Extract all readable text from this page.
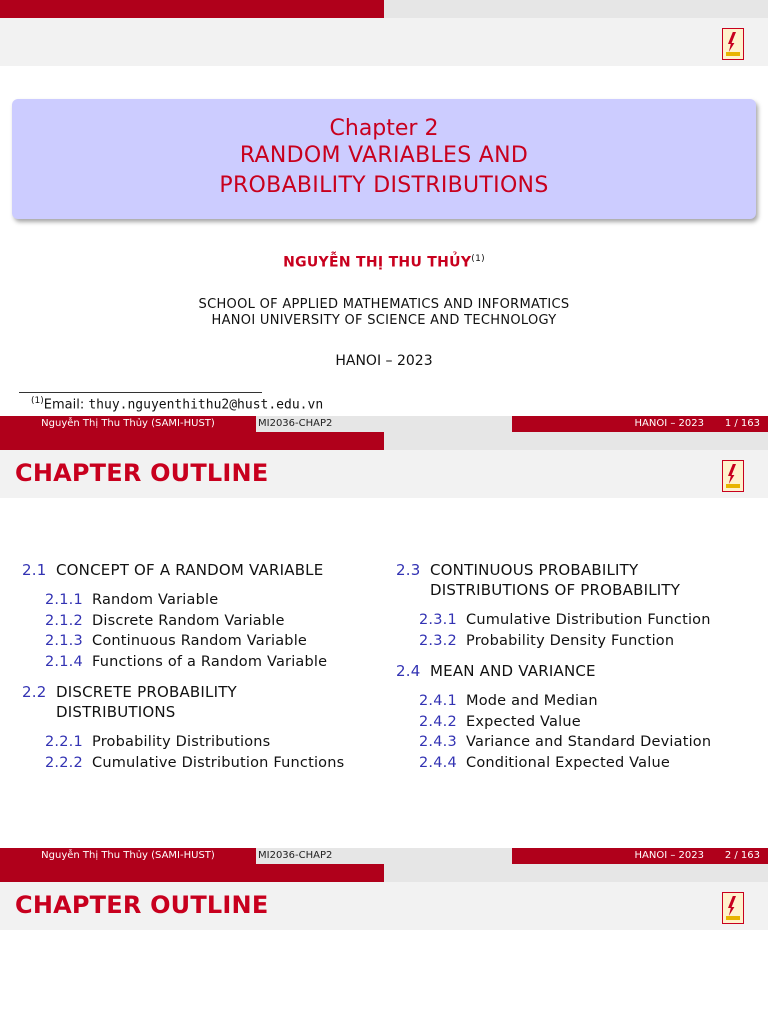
Chapter 2
RANDOM VARIABLES AND
PROBABILITY DISTRIBUTIONS
NGUYỄN THỊ THU THỦY$^{(1)}$
SCHOOL OF APPLIED MATHEMATICS AND INFORMATICS
HANOI UNIVERSITY OF SCIENCE AND TECHNOLOGY
HANOI – 2023
$^{(1)}$Email: thuy.nguyenthithu2@hust.edu.vn
Nguyễn Thị Thu Thủy (SAMI-HUST)	MI2036-CHAP2	HANOI – 2023 1 / 163
CHAPTER OUTLINE
2.1 CONCEPT OF A RANDOM VARIABLE
2.1.1 Random Variable
2.1.2 Discrete Random Variable
2.1.3 Continuous Random Variable
2.1.4 Functions of a Random Variable
2.2 DISCRETE PROBABILITY
DISTRIBUTIONS
2.2.1 Probability Distributions
2.2.2 Cumulative Distribution Functions
2.3 CONTINUOUS PROBABILITY
DISTRIBUTIONS OF PROBABILITY
2.3.1 Cumulative Distribution Function
2.3.2 Probability Density Function
2.4 MEAN AND VARIANCE
2.4.1 Mode and Median
2.4.2 Expected Value
2.4.3 Variance and Standard Deviation
2.4.4 Conditional Expected Value
Nguyễn Thị Thu Thủy (SAMI-HUST)	MI2036-CHAP2	HANOI – 2023 2 / 163
CHAPTER OUTLINE
